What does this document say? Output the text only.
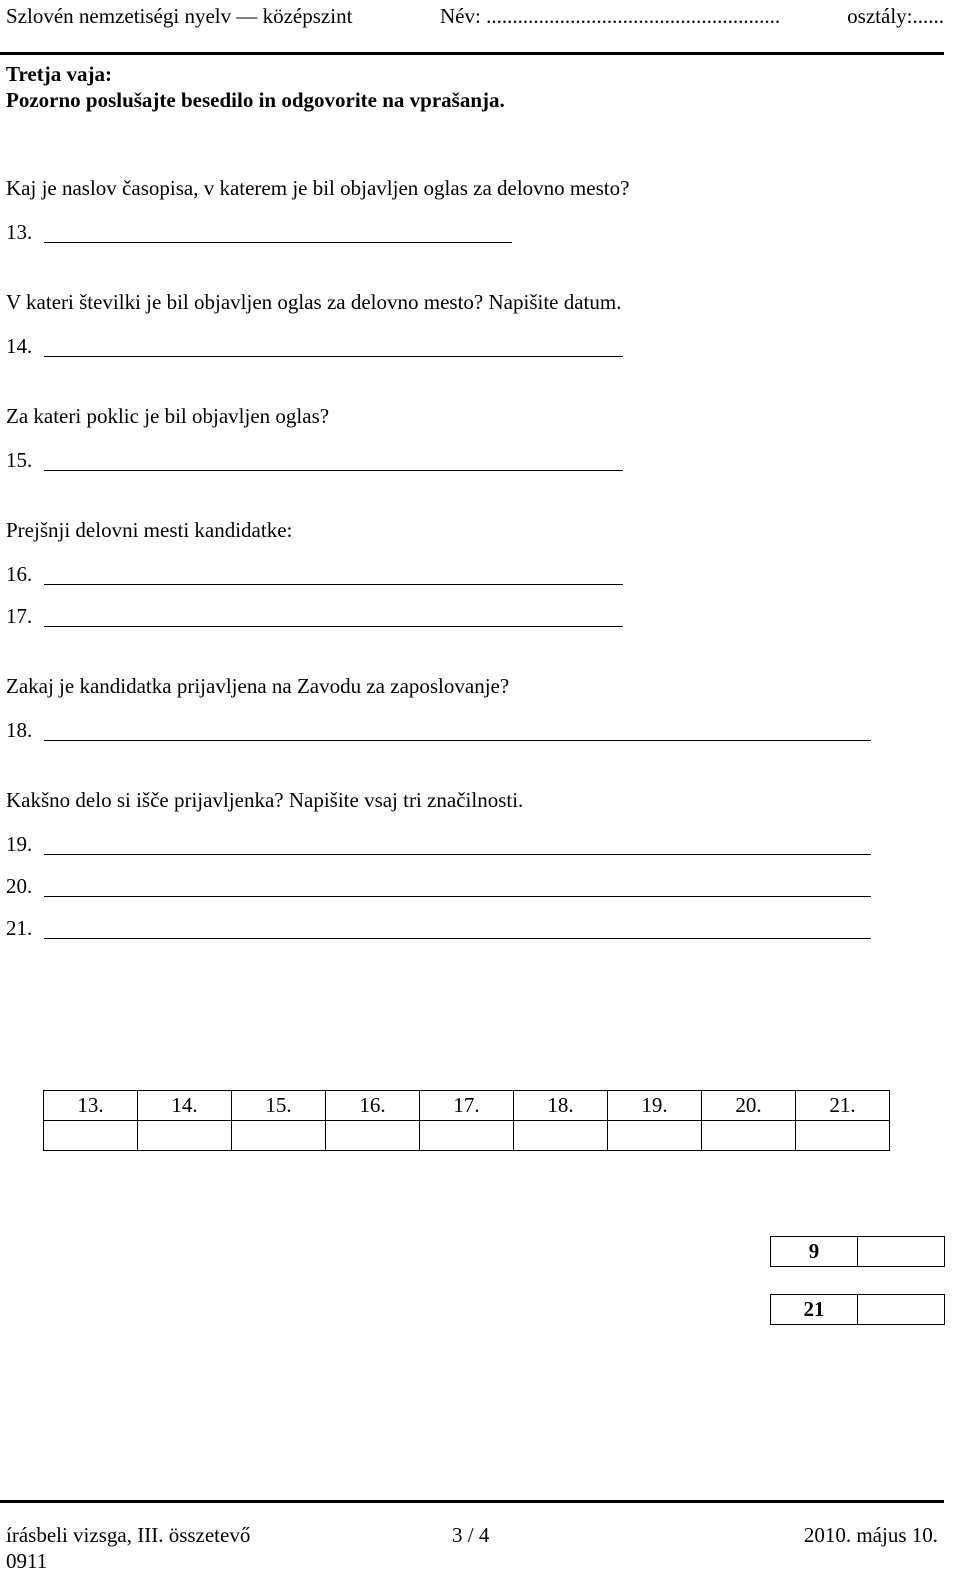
Szlovén nemzetiségi nyelv — középszint	Név: ........................................................	osztály:......
Tretja vaja:
Pozorno poslušajte besedilo in odgovorite na vprašanja.
Kaj je naslov časopisa, v katerem je bil objavljen oglas za delovno mesto?
13.
V kateri številki je bil objavljen oglas za delovno mesto? Napišite datum.
14.
Za kateri poklic je bil objavljen oglas?
15.
Prejšnji delovni mesti kandidatke:
16.
17.
Zakaj je kandidatka prijavljena na Zavodu za zaposlovanje?
18.
Kakšno delo si išče prijavljenka? Napišite vsaj tri značilnosti.
19.
20.
21.
13.	14.	15.	16.	17.	18.	19.	20.	21.

9	
21	
írásbeli vizsga, III. összetevő
0911
3 / 4	2010. május 10.
